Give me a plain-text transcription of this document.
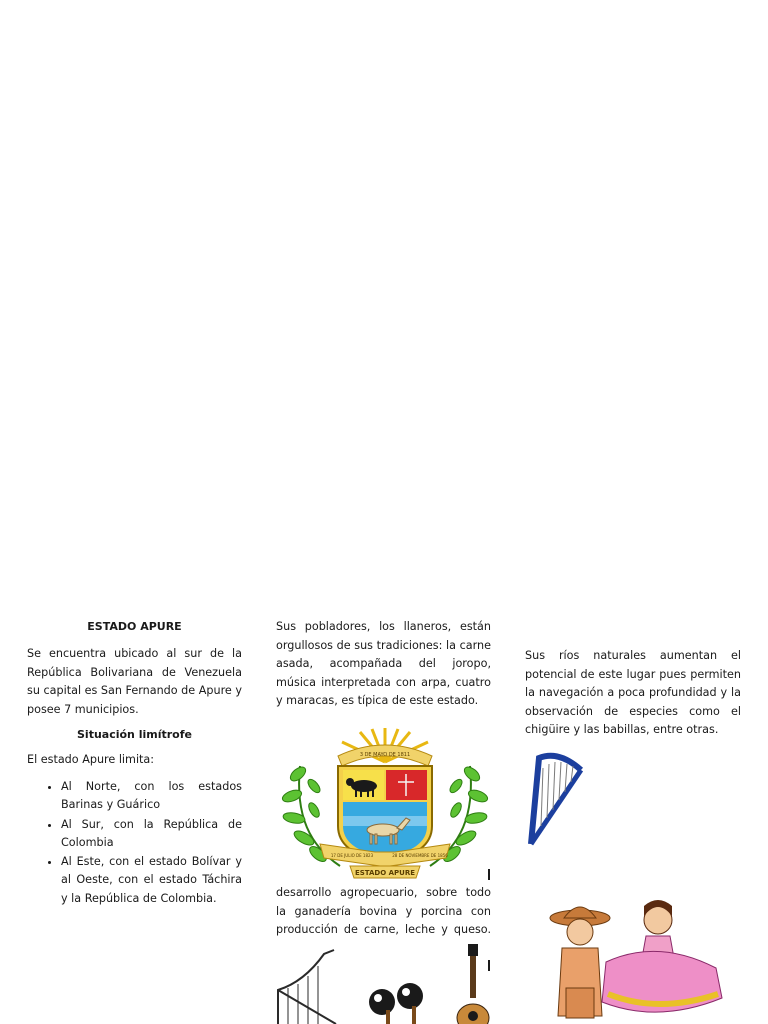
ESTADO APURE

Se encuentra ubicado al sur de la República Bolivariana de Venezuela su capital es San Fernando de Apure y posee 7 municipios.

Situación limítrofe

El estado Apure limita:

• Al Norte, con los estados Barinas y Guárico
• Al Sur, con la República de Colombia
• Al Este, con el estado Bolívar y al Oeste, con el estado Táchira y la República de Colombia.

Sus pobladores, los llaneros, están orgullosos de sus tradiciones: la carne asada, acompañada del joropo, música interpretada con arpa, cuatro y maracas, es típica de este estado.

3 DE MAYO DE 1811
17 DE JULIO DE 1823	28 DE NOVIEMBRE DE 1856
ESTADO APURE
desarrollo agropecuario, sobre todo
la ganadería bovina y porcina con
producción de carne, leche y queso.

Sus ríos naturales aumentan el potencial de este lugar pues permiten la navegación a poca profundidad y la observación de especies como el chigüire y las babillas, entre otras.
